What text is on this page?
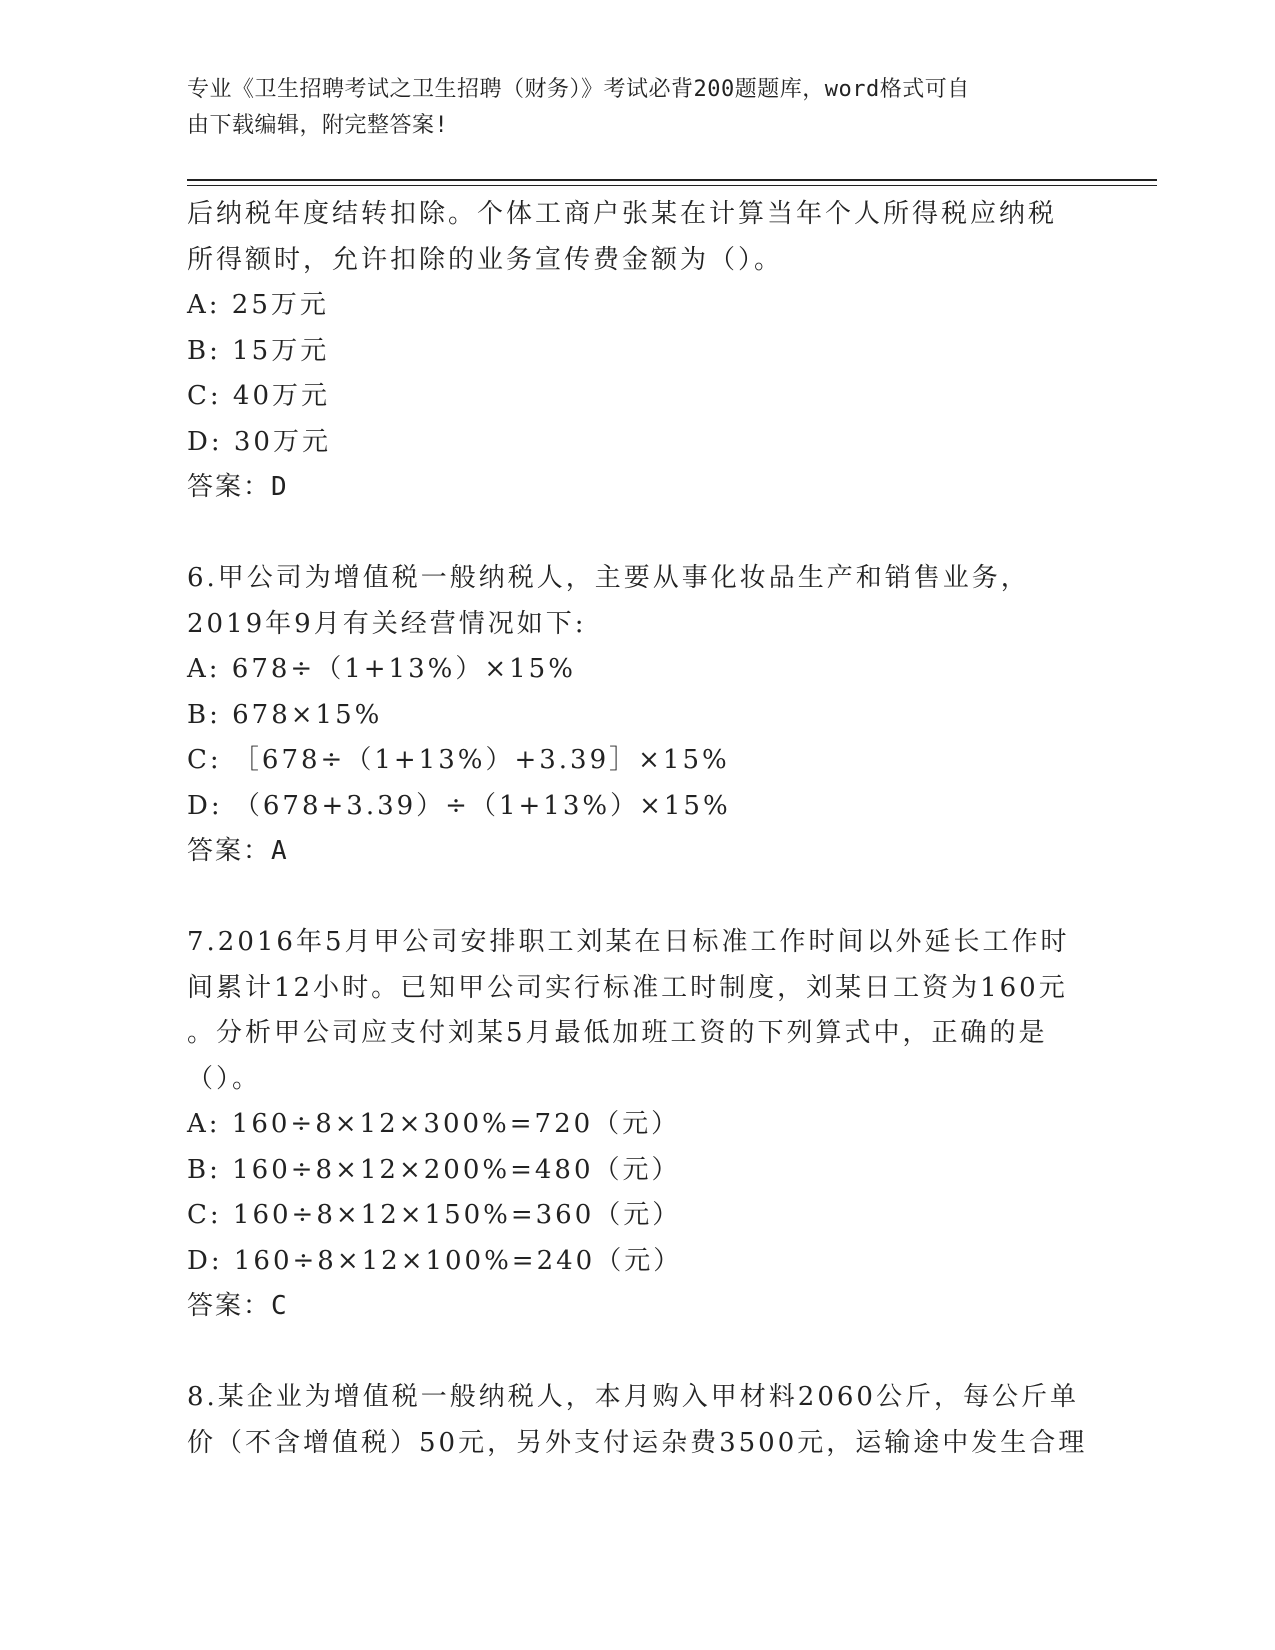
专业《卫生招聘考试之卫生招聘（财务）》考试必背200题题库，word格式可自
由下载编辑，附完整答案!
后纳税年度结转扣除。个体工商户张某在计算当年个人所得税应纳税
所得额时，允许扣除的业务宣传费金额为（）。
A: 25万元
B: 15万元
C: 40万元
D: 30万元
答案：D
6.甲公司为增值税一般纳税人，主要从事化妆品生产和销售业务，
2019年9月有关经营情况如下:
A: 678÷（1+13%）×15%
B: 678×15%
C: ［678÷（1+13%）+3.39］×15%
D: （678+3.39）÷（1+13%）×15%
答案：A
7.2016年5月甲公司安排职工刘某在日标准工作时间以外延长工作时
间累计12小时。已知甲公司实行标准工时制度，刘某日工资为160元
。分析甲公司应支付刘某5月最低加班工资的下列算式中，正确的是
（）。
A: 160÷8×12×300%=720（元）
B: 160÷8×12×200%=480（元）
C: 160÷8×12×150%=360（元）
D: 160÷8×12×100%=240（元）
答案：C
8.某企业为增值税一般纳税人，本月购入甲材料2060公斤，每公斤单
价（不含增值税）50元，另外支付运杂费3500元，运输途中发生合理
